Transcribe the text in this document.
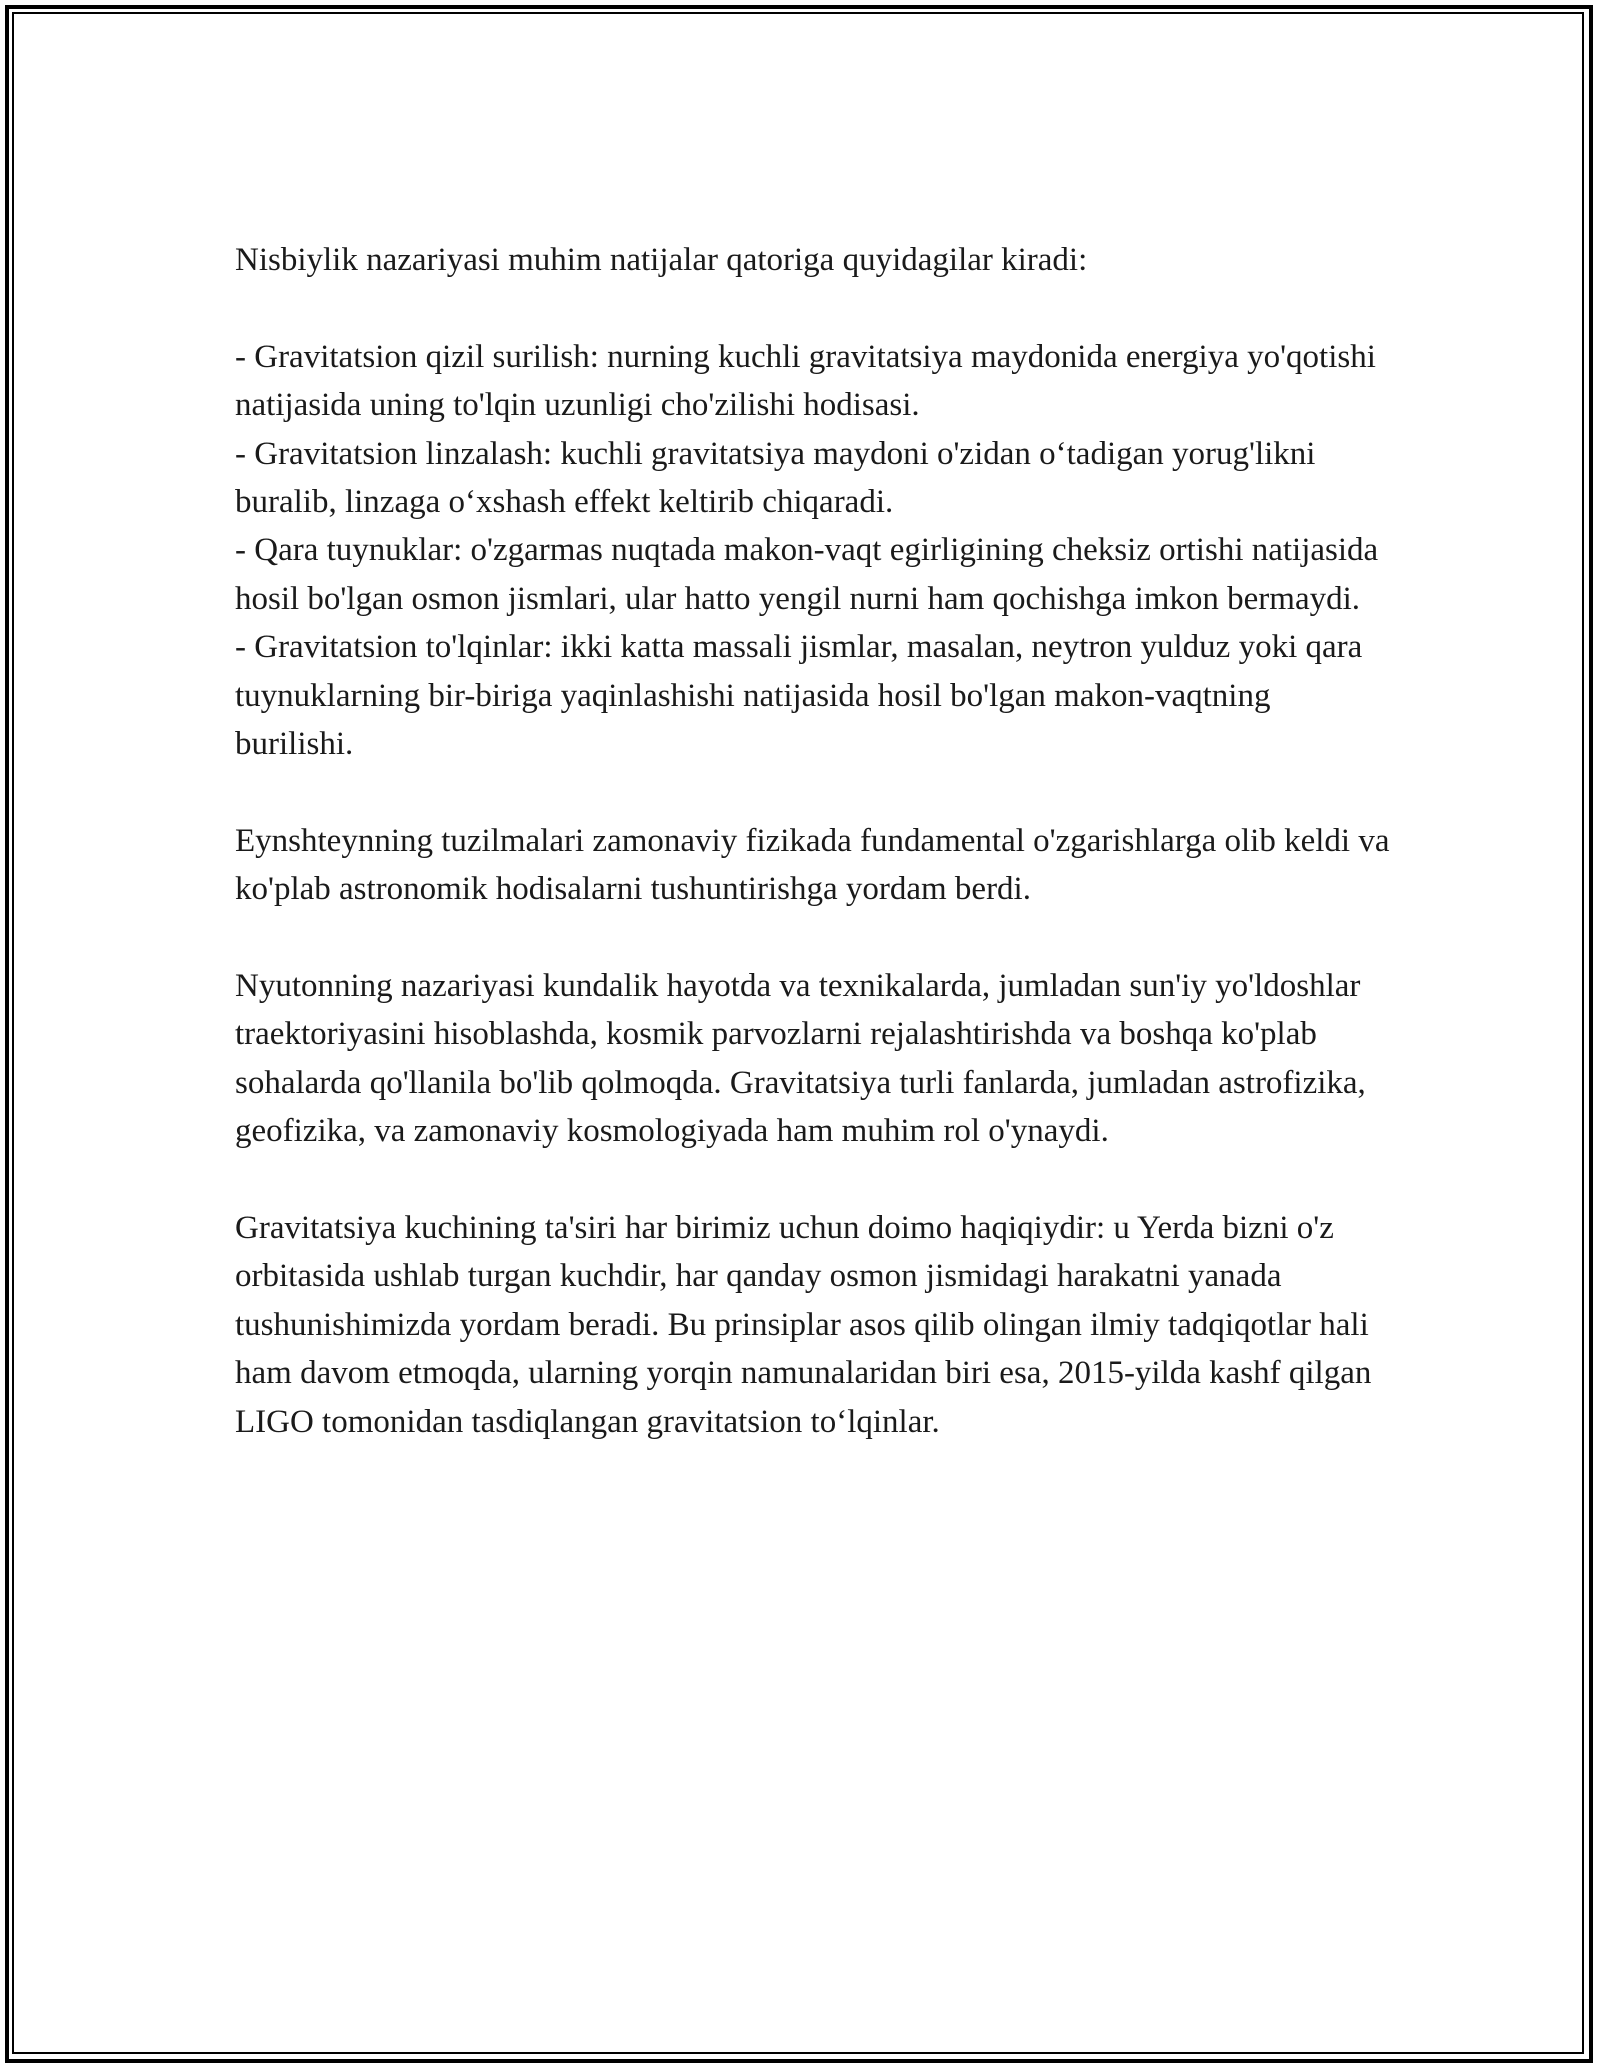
Nisbiylik nazariyasi muhim natijalar qatoriga quyidagilar kiradi:

- Gravitatsion qizil surilish: nurning kuchli gravitatsiya maydonida energiya yo'qotishi natijasida uning to'lqin uzunligi cho'zilishi hodisasi.

- Gravitatsion linzalash: kuchli gravitatsiya maydoni o'zidan o‘tadigan yorug'likni buralib, linzaga o‘xshash effekt keltirib chiqaradi.

- Qara tuynuklar: o'zgarmas nuqtada makon-vaqt egirligining cheksiz ortishi natijasida hosil bo'lgan osmon jismlari, ular hatto yengil nurni ham qochishga imkon bermaydi.

- Gravitatsion to'lqinlar: ikki katta massali jismlar, masalan, neytron yulduz yoki qara tuynuklarning bir-biriga yaqinlashishi natijasida hosil bo'lgan makon-vaqtning burilishi.

Eynshteynning tuzilmalari zamonaviy fizikada fundamental o'zgarishlarga olib keldi va ko'plab astronomik hodisalarni tushuntirishga yordam berdi.

Nyutonning nazariyasi kundalik hayotda va texnikalarda, jumladan sun'iy yo'ldoshlar traektoriyasini hisoblashda, kosmik parvozlarni rejalashtirishda va boshqa ko'plab sohalarda qo'llanila bo'lib qolmoqda. Gravitatsiya turli fanlarda, jumladan astrofizika, geofizika, va zamonaviy kosmologiyada ham muhim rol o'ynaydi.

Gravitatsiya kuchining ta'siri har birimiz uchun doimo haqiqiydir: u Yerda bizni o'z orbitasida ushlab turgan kuchdir, har qanday osmon jismidagi harakatni yanada tushunishimizda yordam beradi. Bu prinsiplar asos qilib olingan ilmiy tadqiqotlar hali ham davom etmoqda, ularning yorqin namunalaridan biri esa, 2015-yilda kashf qilgan LIGO tomonidan tasdiqlangan gravitatsion to‘lqinlar.
